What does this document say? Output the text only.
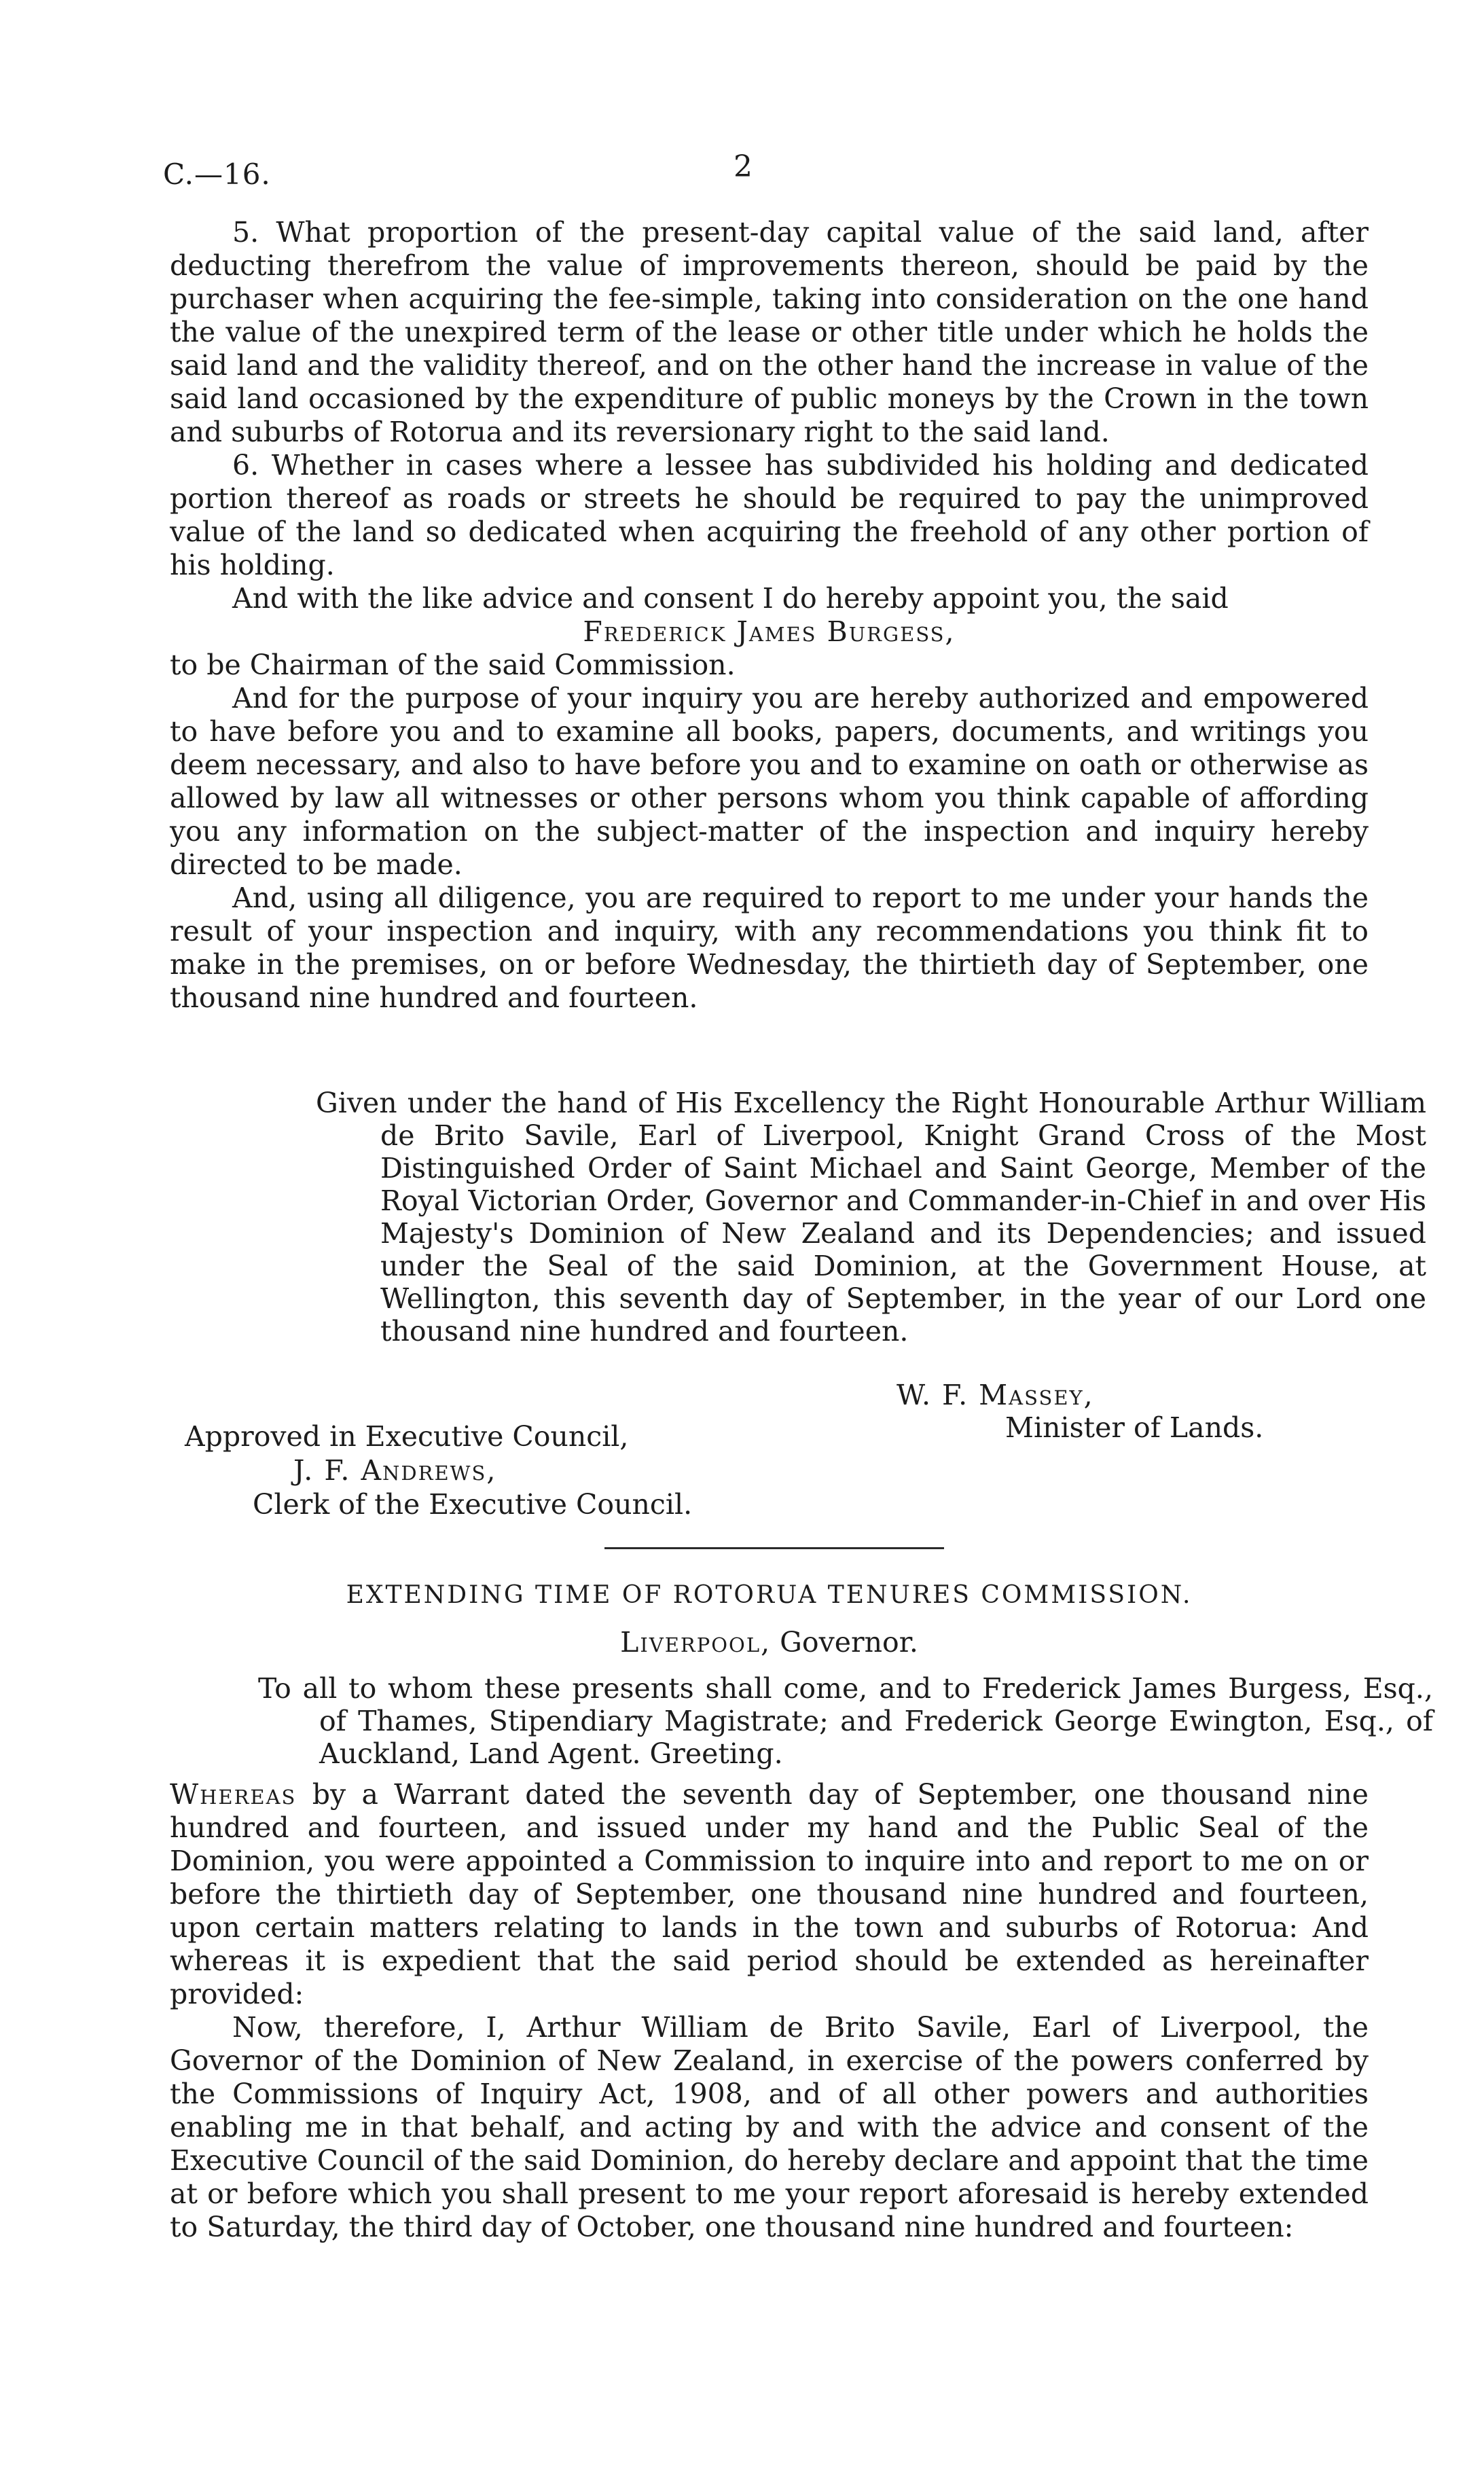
C.—16.	2

5. What proportion of the present-day capital value of the said land, after deducting therefrom the value of improvements thereon, should be paid by the purchaser when acquiring the fee-simple, taking into consideration on the one hand the value of the unexpired term of the lease or other title under which he holds the said land and the validity thereof, and on the other hand the increase in value of the said land occasioned by the expenditure of public moneys by the Crown in the town and suburbs of Rotorua and its reversionary right to the said land.

6. Whether in cases where a lessee has subdivided his holding and dedicated portion thereof as roads or streets he should be required to pay the unimproved value of the land so dedicated when acquiring the freehold of any other portion of his holding.

And with the like advice and consent I do hereby appoint you, the said

Frederick James Burgess,

to be Chairman of the said Commission.

And for the purpose of your inquiry you are hereby authorized and empowered to have before you and to examine all books, papers, documents, and writings you deem necessary, and also to have before you and to examine on oath or otherwise as allowed by law all witnesses or other persons whom you think capable of affording you any information on the subject-matter of the inspection and inquiry hereby directed to be made.

And, using all diligence, you are required to report to me under your hands the result of your inspection and inquiry, with any recommendations you think fit to make in the premises, on or before Wednesday, the thirtieth day of September, one thousand nine hundred and fourteen.

Given under the hand of His Excellency the Right Honourable Arthur William de Brito Savile, Earl of Liverpool, Knight Grand Cross of the Most Distinguished Order of Saint Michael and Saint George, Member of the Royal Victorian Order, Governor and Commander-in-Chief in and over His Majesty's Dominion of New Zealand and its Dependencies; and issued under the Seal of the said Dominion, at the Government House, at Wellington, this seventh day of September, in the year of our Lord one thousand nine hundred and fourteen.
W. F. Massey,
Minister of Lands.
Approved in Executive Council,
J. F. Andrews,
Clerk of the Executive Council.
EXTENDING TIME OF ROTORUA TENURES COMMISSION.
Liverpool, Governor.
To all to whom these presents shall come, and to Frederick James Burgess, Esq., of Thames, Stipendiary Magistrate; and Frederick George Ewington, Esq., of Auckland, Land Agent. Greeting.

Whereas by a Warrant dated the seventh day of September, one thousand nine hundred and fourteen, and issued under my hand and the Public Seal of the Dominion, you were appointed a Commission to inquire into and report to me on or before the thirtieth day of September, one thousand nine hundred and fourteen, upon certain matters relating to lands in the town and suburbs of Rotorua: And whereas it is expedient that the said period should be extended as hereinafter provided:

Now, therefore, I, Arthur William de Brito Savile, Earl of Liverpool, the Governor of the Dominion of New Zealand, in exercise of the powers conferred by the Commissions of Inquiry Act, 1908, and of all other powers and authorities enabling me in that behalf, and acting by and with the advice and consent of the Executive Council of the said Dominion, do hereby declare and appoint that the time at or before which you shall present to me your report aforesaid is hereby extended to Saturday, the third day of October, one thousand nine hundred and fourteen:
